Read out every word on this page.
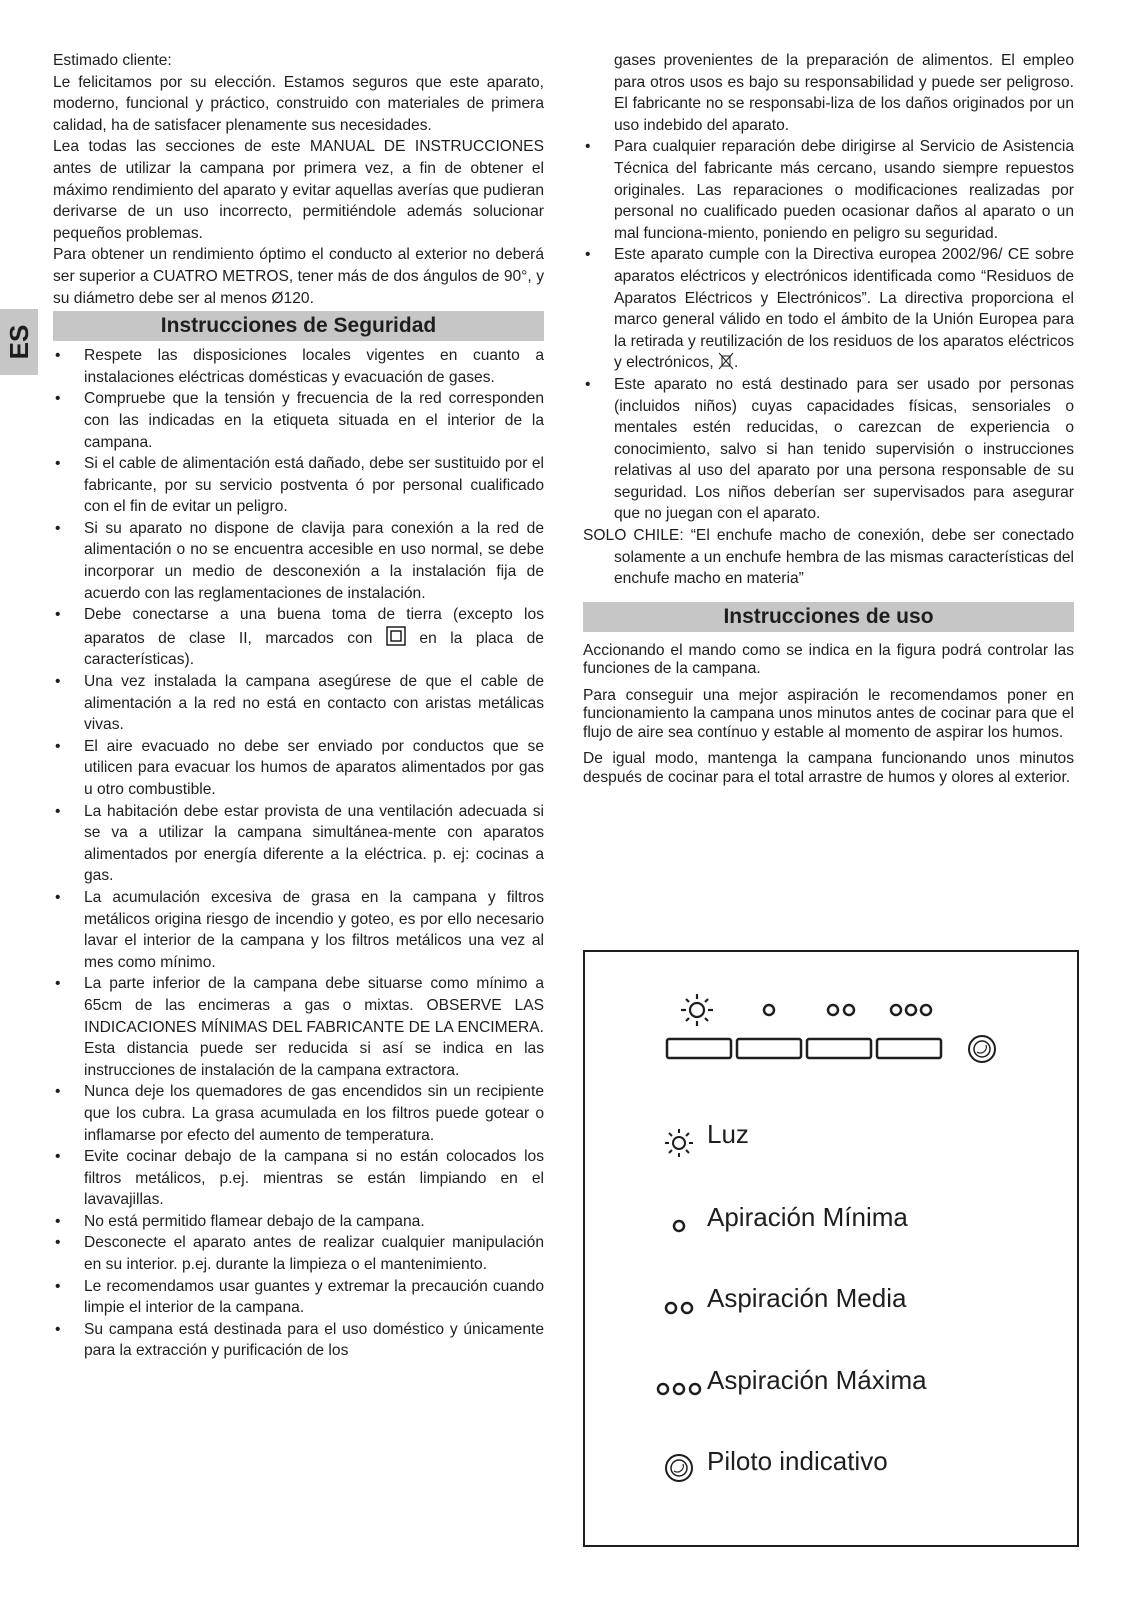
ES

Estimado cliente:

Le felicitamos por su elección. Estamos seguros que este aparato, moderno, funcional y práctico, construido con materiales de primera calidad, ha de satisfacer plenamente sus necesidades.

Lea todas las secciones de este MANUAL DE INSTRUCCIONES antes de utilizar la campana por primera vez, a fin de obtener el máximo rendimiento del aparato y evitar aquellas averías que pudieran derivarse de un uso incorrecto, permitiéndole además solucionar pequeños problemas.

Para obtener un rendimiento óptimo el conducto al exterior no deberá ser superior a CUATRO METROS, tener más de dos ángulos de 90°, y su diámetro debe ser al menos Ø120.

Instrucciones de Seguridad
• Respete las disposiciones locales vigentes en cuanto a instalaciones eléctricas domésticas y evacuación de gases.
• Compruebe que la tensión y frecuencia de la red corresponden con las indicadas en la etiqueta situada en el interior de la campana.
• Si el cable de alimentación está dañado, debe ser sustituido por el fabricante, por su servicio postventa ó por personal cualificado con el fin de evitar un peligro.
• Si su aparato no dispone de clavija para conexión a la red de alimentación o no se encuentra accesible en uso normal, se debe incorporar un medio de desconexión a la instalación fija de acuerdo con las reglamentaciones de instalación.
• Debe conectarse a una buena toma de tierra (excepto los aparatos de clase II, marcados con	en la placa de características).
• Una vez instalada la campana asegúrese de que el cable de alimentación a la red no está en contacto con aristas metálicas vivas.
• El aire evacuado no debe ser enviado por conductos que se utilicen para evacuar los humos de aparatos alimentados por gas u otro combustible.
• La habitación debe estar provista de una ventilación adecuada si se va a utilizar la campana simultánea-mente con aparatos alimentados por energía diferente a la eléctrica. p. ej: cocinas a gas.
• La acumulación excesiva de grasa en la campana y filtros metálicos origina riesgo de incendio y goteo, es por ello necesario lavar el interior de la campana y los filtros metálicos una vez al mes como mínimo.
• La parte inferior de la campana debe situarse como mínimo a 65cm de las encimeras a gas o mixtas. OBSERVE LAS INDICACIONES MÍNIMAS DEL FABRICANTE DE LA ENCIMERA. Esta distancia puede ser reducida si así se indica en las instrucciones de instalación de la campana extractora.
• Nunca deje los quemadores de gas encendidos sin un recipiente que los cubra. La grasa acumulada en los filtros puede gotear o inflamarse por efecto del aumento de temperatura.
• Evite cocinar debajo de la campana si no están colocados los filtros metálicos, p.ej. mientras se están limpiando en el lavavajillas.
• No está permitido flamear debajo de la campana.
• Desconecte el aparato antes de realizar cualquier manipulación en su interior. p.ej. durante la limpieza o el mantenimiento.
• Le recomendamos usar guantes y extremar la precaución cuando limpie el interior de la campana.
• Su campana está destinada para el uso doméstico y únicamente para la extracción y purificación de los
gases provenientes de la preparación de alimentos. El empleo para otros usos es bajo su responsabilidad y puede ser peligroso. El fabricante no se responsabi-liza de los daños originados por un uso indebido del aparato.
• Para cualquier reparación debe dirigirse al Servicio de Asistencia Técnica del fabricante más cercano, usando siempre repuestos originales. Las reparaciones o modificaciones realizadas por personal no cualificado pueden ocasionar daños al aparato o un mal funciona-miento, poniendo en peligro su seguridad.
• Este aparato cumple con la Directiva europea 2002/96/ CE sobre aparatos eléctricos y electrónicos identificada como “Residuos de Aparatos Eléctricos y Electrónicos”. La directiva proporciona el marco general válido en todo el ámbito de la Unión Europea para la retirada y reutilización de los residuos de los aparatos eléctricos y electrónicos, .
• Este aparato no está destinado para ser usado por personas (incluidos niños) cuyas capacidades físicas, sensoriales o mentales estén reducidas, o carezcan de experiencia o conocimiento, salvo si han tenido supervisión o instrucciones relativas al uso del aparato por una persona responsable de su seguridad. Los niños deberían ser supervisados para asegurar que no juegan con el aparato.

SOLO CHILE: “El enchufe macho de conexión, debe ser conectado solamente a un enchufe hembra de las mismas características del enchufe macho en materia”

Instrucciones de uso

Accionando el mando como se indica en la figura podrá controlar las funciones de la campana.

Para conseguir una mejor aspiración le recomendamos poner en funcionamiento la campana unos minutos antes de cocinar para que el flujo de aire sea contínuo y estable al momento de aspirar los humos.

De igual modo, mantenga la campana funcionando unos minutos después de cocinar para el total arrastre de humos y olores al exterior.

Luz
Apiración Mínima
Aspiración Media
Aspiración Máxima
Piloto indicativo
